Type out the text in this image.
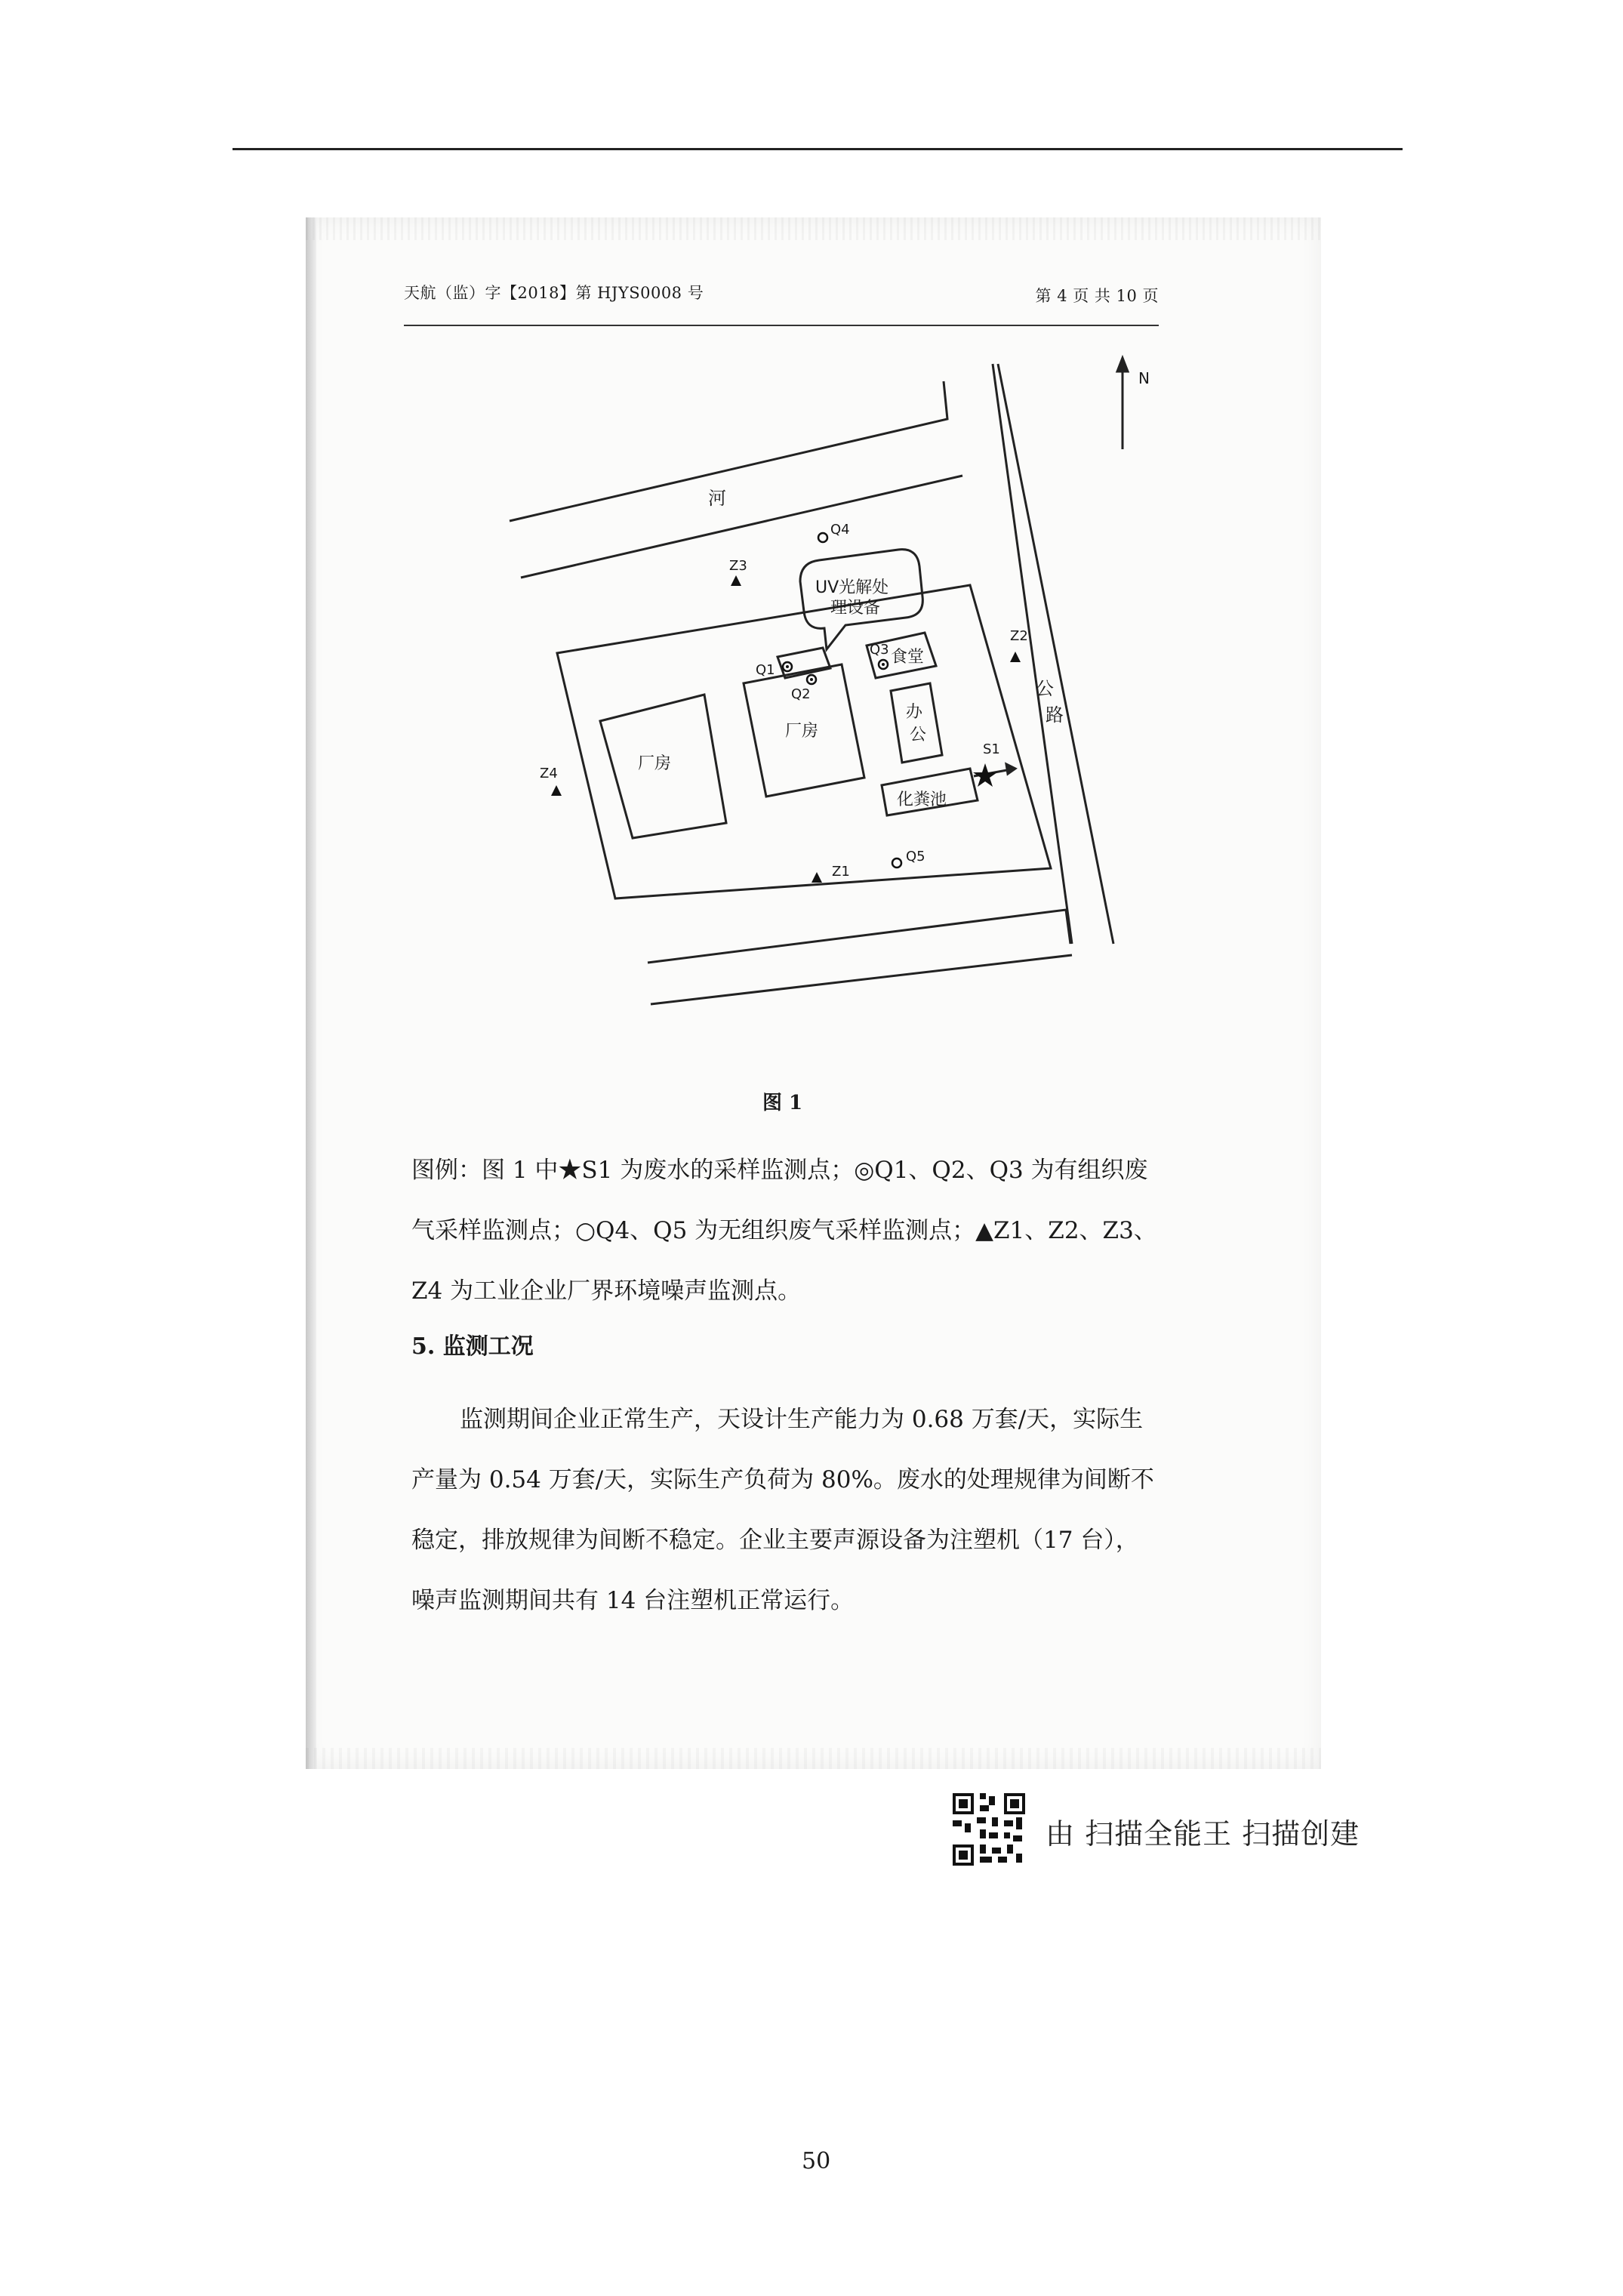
天航（监）字【2018】第 HJYS0008 号	第 4 页 共 10 页
N
河
公
路
UV光解处
理设备
厂房
厂房
食堂
办
公
化粪池
Q1
Q2
Q3
Q4
Q5
Z1
Z2
Z3
Z4
S1
图 1
图例：图 1 中★S1 为废水的采样监测点；◎Q1、Q2、Q3 为有组织废气采样监测点；○Q4、Q5 为无组织废气采样监测点；▲Z1、Z2、Z3、Z4 为工业企业厂界环境噪声监测点。
5. 监测工况
监测期间企业正常生产，天设计生产能力为 0.68 万套/天，实际生产量为 0.54 万套/天，实际生产负荷为 80%。废水的处理规律为间断不稳定，排放规律为间断不稳定。企业主要声源设备为注塑机（17 台），噪声监测期间共有 14 台注塑机正常运行。
由 扫描全能王 扫描创建
50
